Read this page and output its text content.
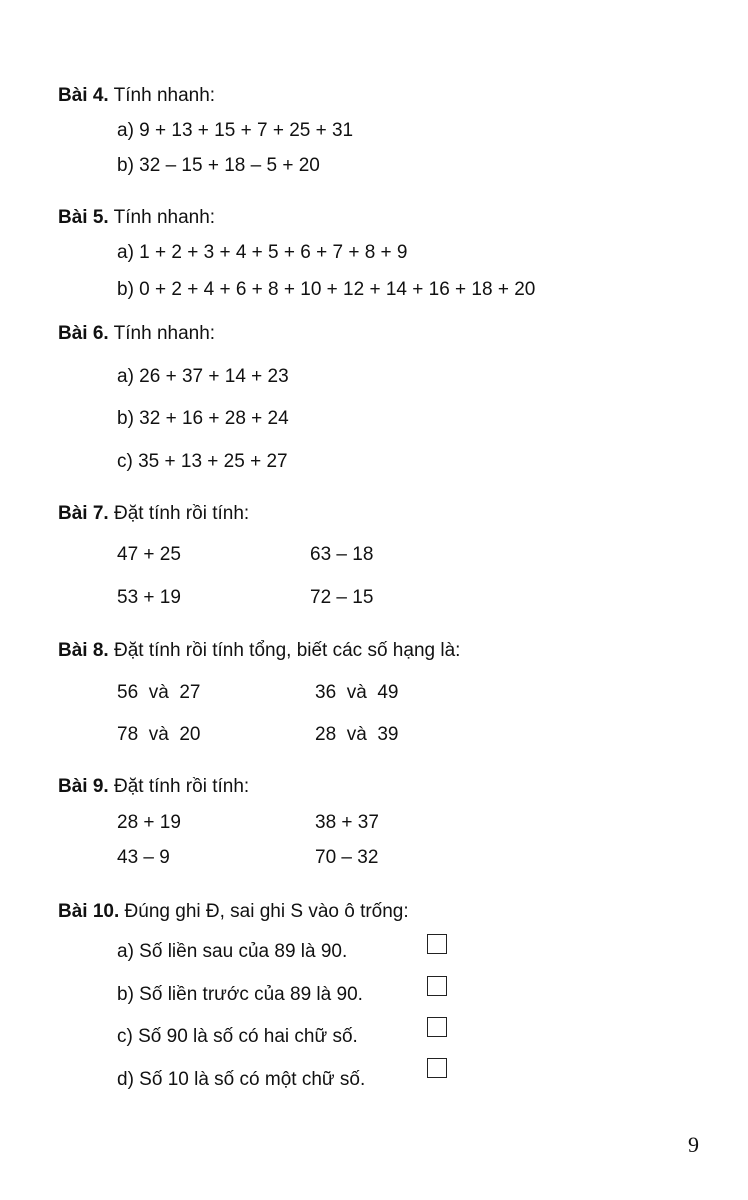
Bài 4. Tính nhanh:
a) 9 + 13 + 15 + 7 + 25 + 31
b) 32 – 15 + 18 – 5 + 20
Bài 5. Tính nhanh:
a) 1 + 2 + 3 + 4 + 5 + 6 + 7 + 8 + 9
b) 0 + 2 + 4 + 6 + 8 + 10 + 12 + 14 + 16 + 18 + 20
Bài 6. Tính nhanh:
a) 26 + 37 + 14 + 23
b) 32 + 16 + 28 + 24
c) 35 + 13 + 25 + 27
Bài 7. Đặt tính rồi tính:
47 + 25	63 – 18
53 + 19	72 – 15
Bài 8. Đặt tính rồi tính tổng, biết các số hạng là:
56  và  27	36  và  49
78  và  20	28  và  39
Bài 9. Đặt tính rồi tính:
28 + 19	38 + 37
43 – 9	70 – 32
Bài 10. Đúng ghi Đ, sai ghi S vào ô trống:
a) Số liền sau của 89 là 90.
b) Số liền trước của 89 là 90.
c) Số 90 là số có hai chữ số.
d) Số 10 là số có một chữ số.
9
